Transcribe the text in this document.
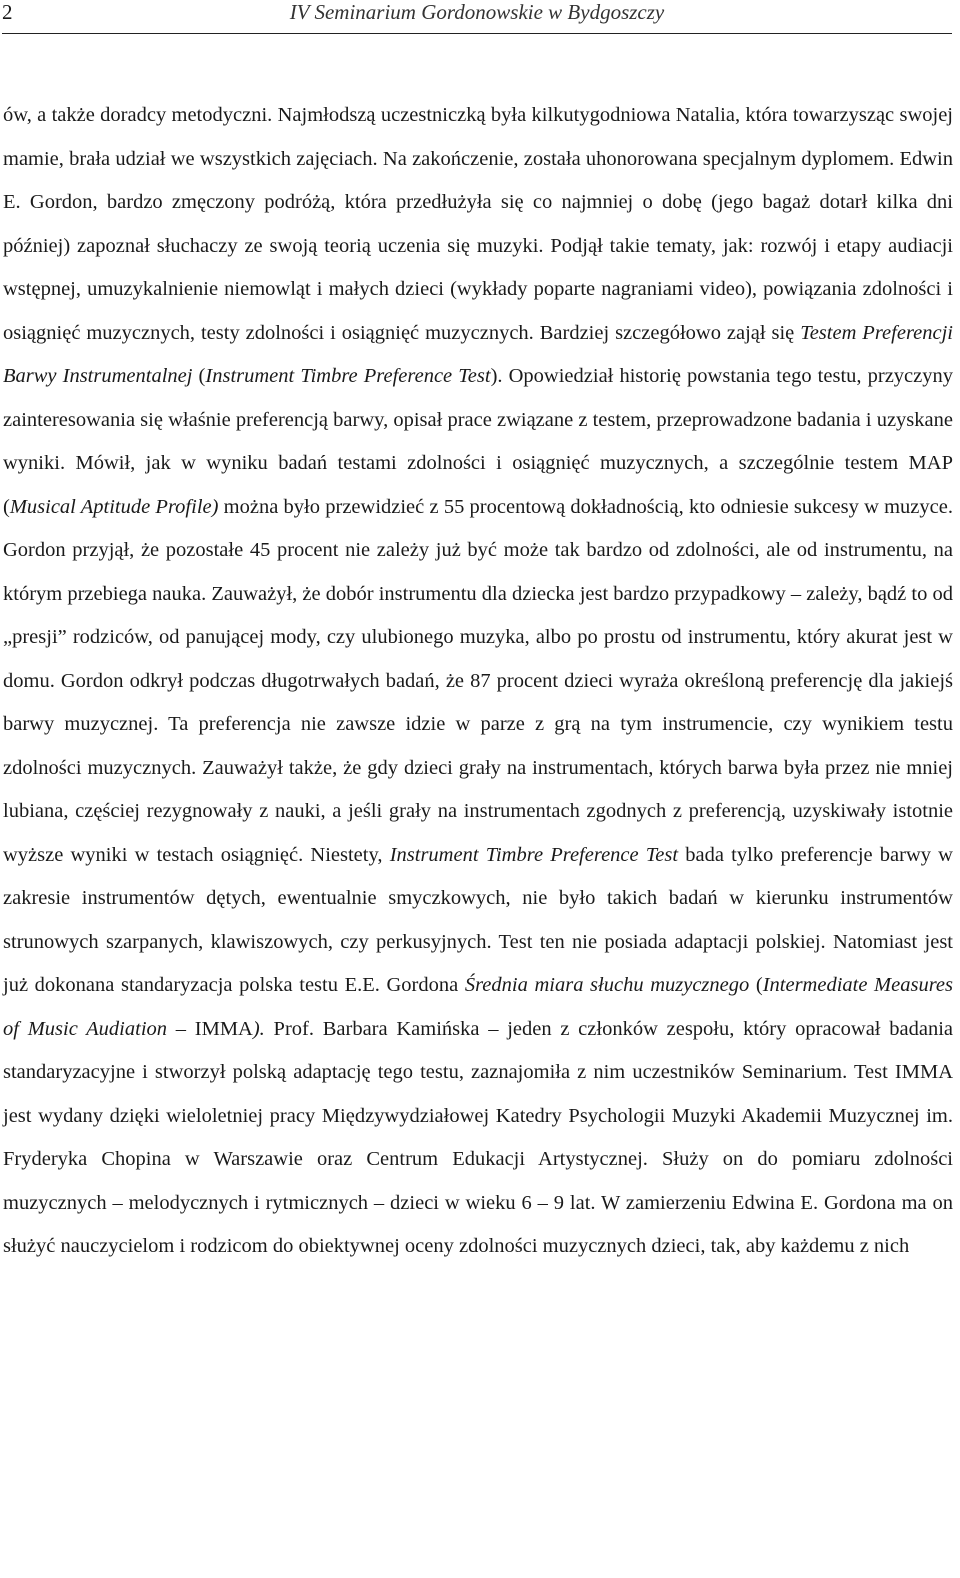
2	IV Seminarium Gordonowskie w Bydgoszczy

ów, a także doradcy metodyczni. Najmłodszą uczestniczką była kilkutygodniowa Natalia, która towarzysząc swojej mamie, brała udział we wszystkich zajęciach. Na zakończenie, została uhonorowana specjalnym dyplomem. Edwin E. Gordon, bardzo zmęczony podróżą, która przedłużyła się co najmniej o dobę (jego bagaż dotarł kilka dni później) zapoznał słuchaczy ze swoją teorią uczenia się muzyki. Podjął takie tematy, jak: rozwój i etapy audiacji wstępnej, umuzykalnienie niemowląt i małych dzieci (wykłady poparte nagraniami video), powiązania zdolności i osiągnięć muzycznych, testy zdolności i osiągnięć muzycznych. Bardziej szczegółowo zajął się Testem Preferencji Barwy Instrumentalnej (Instrument Timbre Preference Test). Opowiedział historię powstania tego testu, przyczyny zainteresowania się właśnie preferencją barwy, opisał prace związane z testem, przeprowadzone badania i uzyskane wyniki. Mówił, jak w wyniku badań testami zdolności i osiągnięć muzycznych, a szczególnie testem MAP (Musical Aptitude Profile) można było przewidzieć z 55 procentową dokładnością, kto odniesie sukcesy w muzyce. Gordon przyjął, że pozostałe 45 procent nie zależy już być może tak bardzo od zdolności, ale od instrumentu, na którym przebiega nauka. Zauważył, że dobór instrumentu dla dziecka jest bardzo przypadkowy – zależy, bądź to od „presji” rodziców, od panującej mody, czy ulubionego muzyka, albo po prostu od instrumentu, który akurat jest w domu. Gordon odkrył podczas długotrwałych badań, że 87 procent dzieci wyraża określoną preferencję dla jakiejś barwy muzycznej. Ta preferencja nie zawsze idzie w parze z grą na tym instrumencie, czy wynikiem testu zdolności muzycznych. Zauważył także, że gdy dzieci grały na instrumentach, których barwa była przez nie mniej lubiana, częściej rezygnowały z nauki, a jeśli grały na instrumentach zgodnych z preferencją, uzyskiwały istotnie wyższe wyniki w testach osiągnięć. Niestety, Instrument Timbre Preference Test bada tylko preferencje barwy w zakresie instrumentów dętych, ewentualnie smyczkowych, nie było takich badań w kierunku instrumentów strunowych szarpanych, klawiszowych, czy perkusyjnych. Test ten nie posiada adaptacji polskiej. Natomiast jest już dokonana standaryzacja polska testu E.E. Gordona Średnia miara słuchu muzycznego (Intermediate Measures of Music Audiation – IMMA). Prof. Barbara Kamińska – jeden z członków zespołu, który opracował badania standaryzacyjne i stworzył polską adaptację tego testu, zaznajomiła z nim uczestników Seminarium. Test IMMA jest wydany dzięki wieloletniej pracy Międzywydziałowej Katedry Psychologii Muzyki Akademii Muzycznej im. Fryderyka Chopina w Warszawie oraz Centrum Edukacji Artystycznej. Służy on do pomiaru zdolności muzycznych – melodycznych i rytmicznych – dzieci w wieku 6 – 9 lat. W zamierzeniu Edwina E. Gordona ma on służyć nauczycielom i rodzicom do obiektywnej oceny zdolności muzycznych dzieci, tak, aby każdemu z nich
